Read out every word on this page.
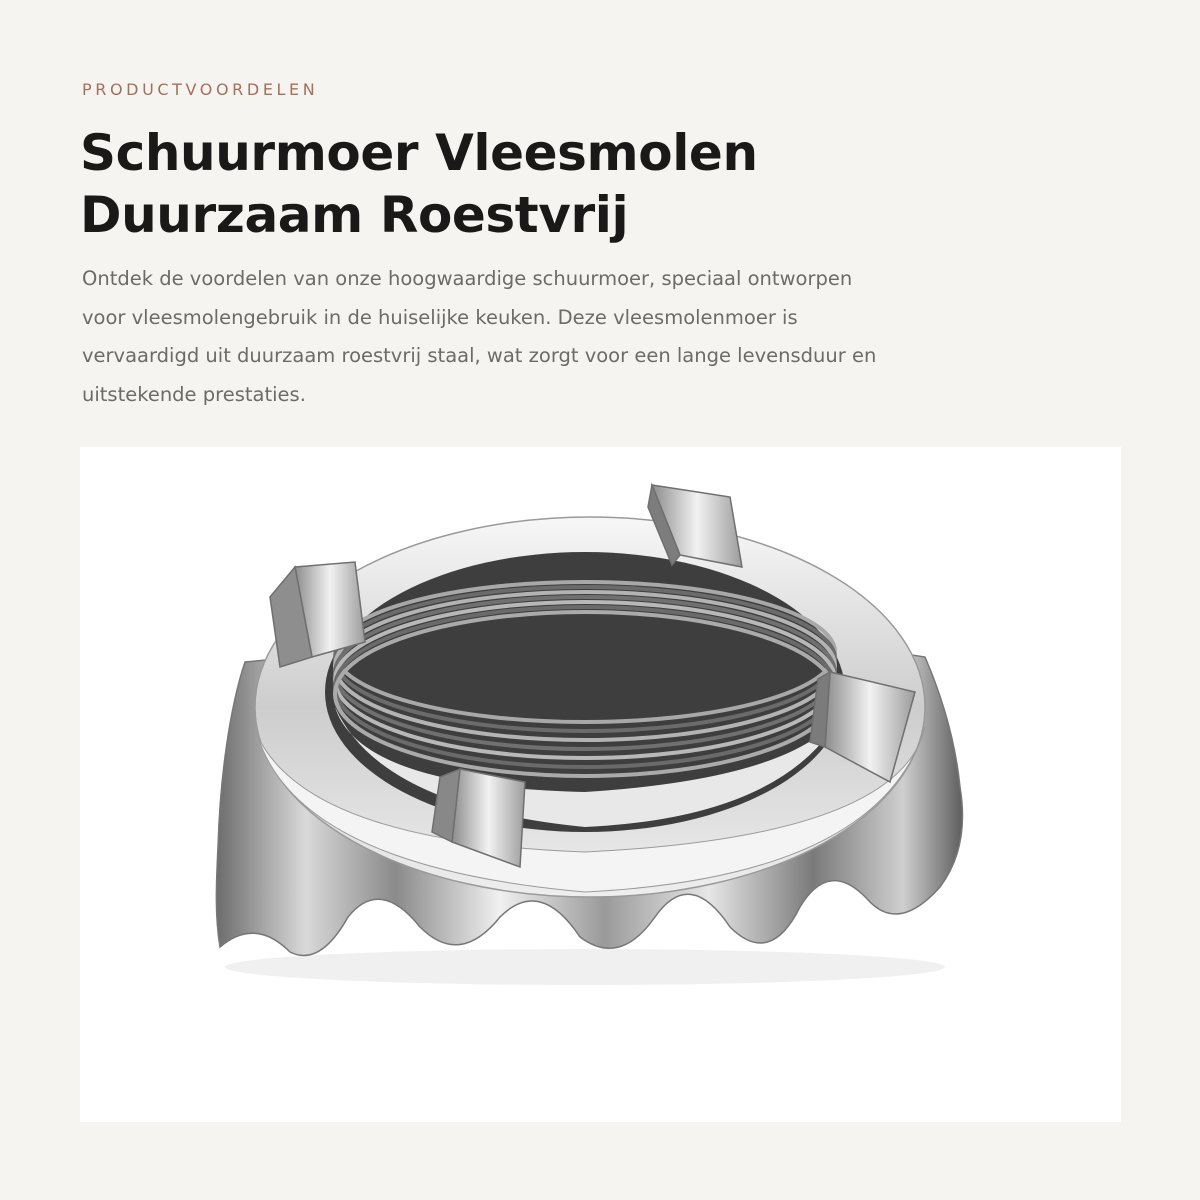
PRODUCTVOORDELEN
Schuurmoer Vleesmolen
Duurzaam Roestvrij

Ontdek de voordelen van onze hoogwaardige schuurmoer, speciaal ontworpen
voor vleesmolengebruik in de huiselijke keuken. Deze vleesmolenmoer is
vervaardigd uit duurzaam roestvrij staal, wat zorgt voor een lange levensduur en
uitstekende prestaties.
